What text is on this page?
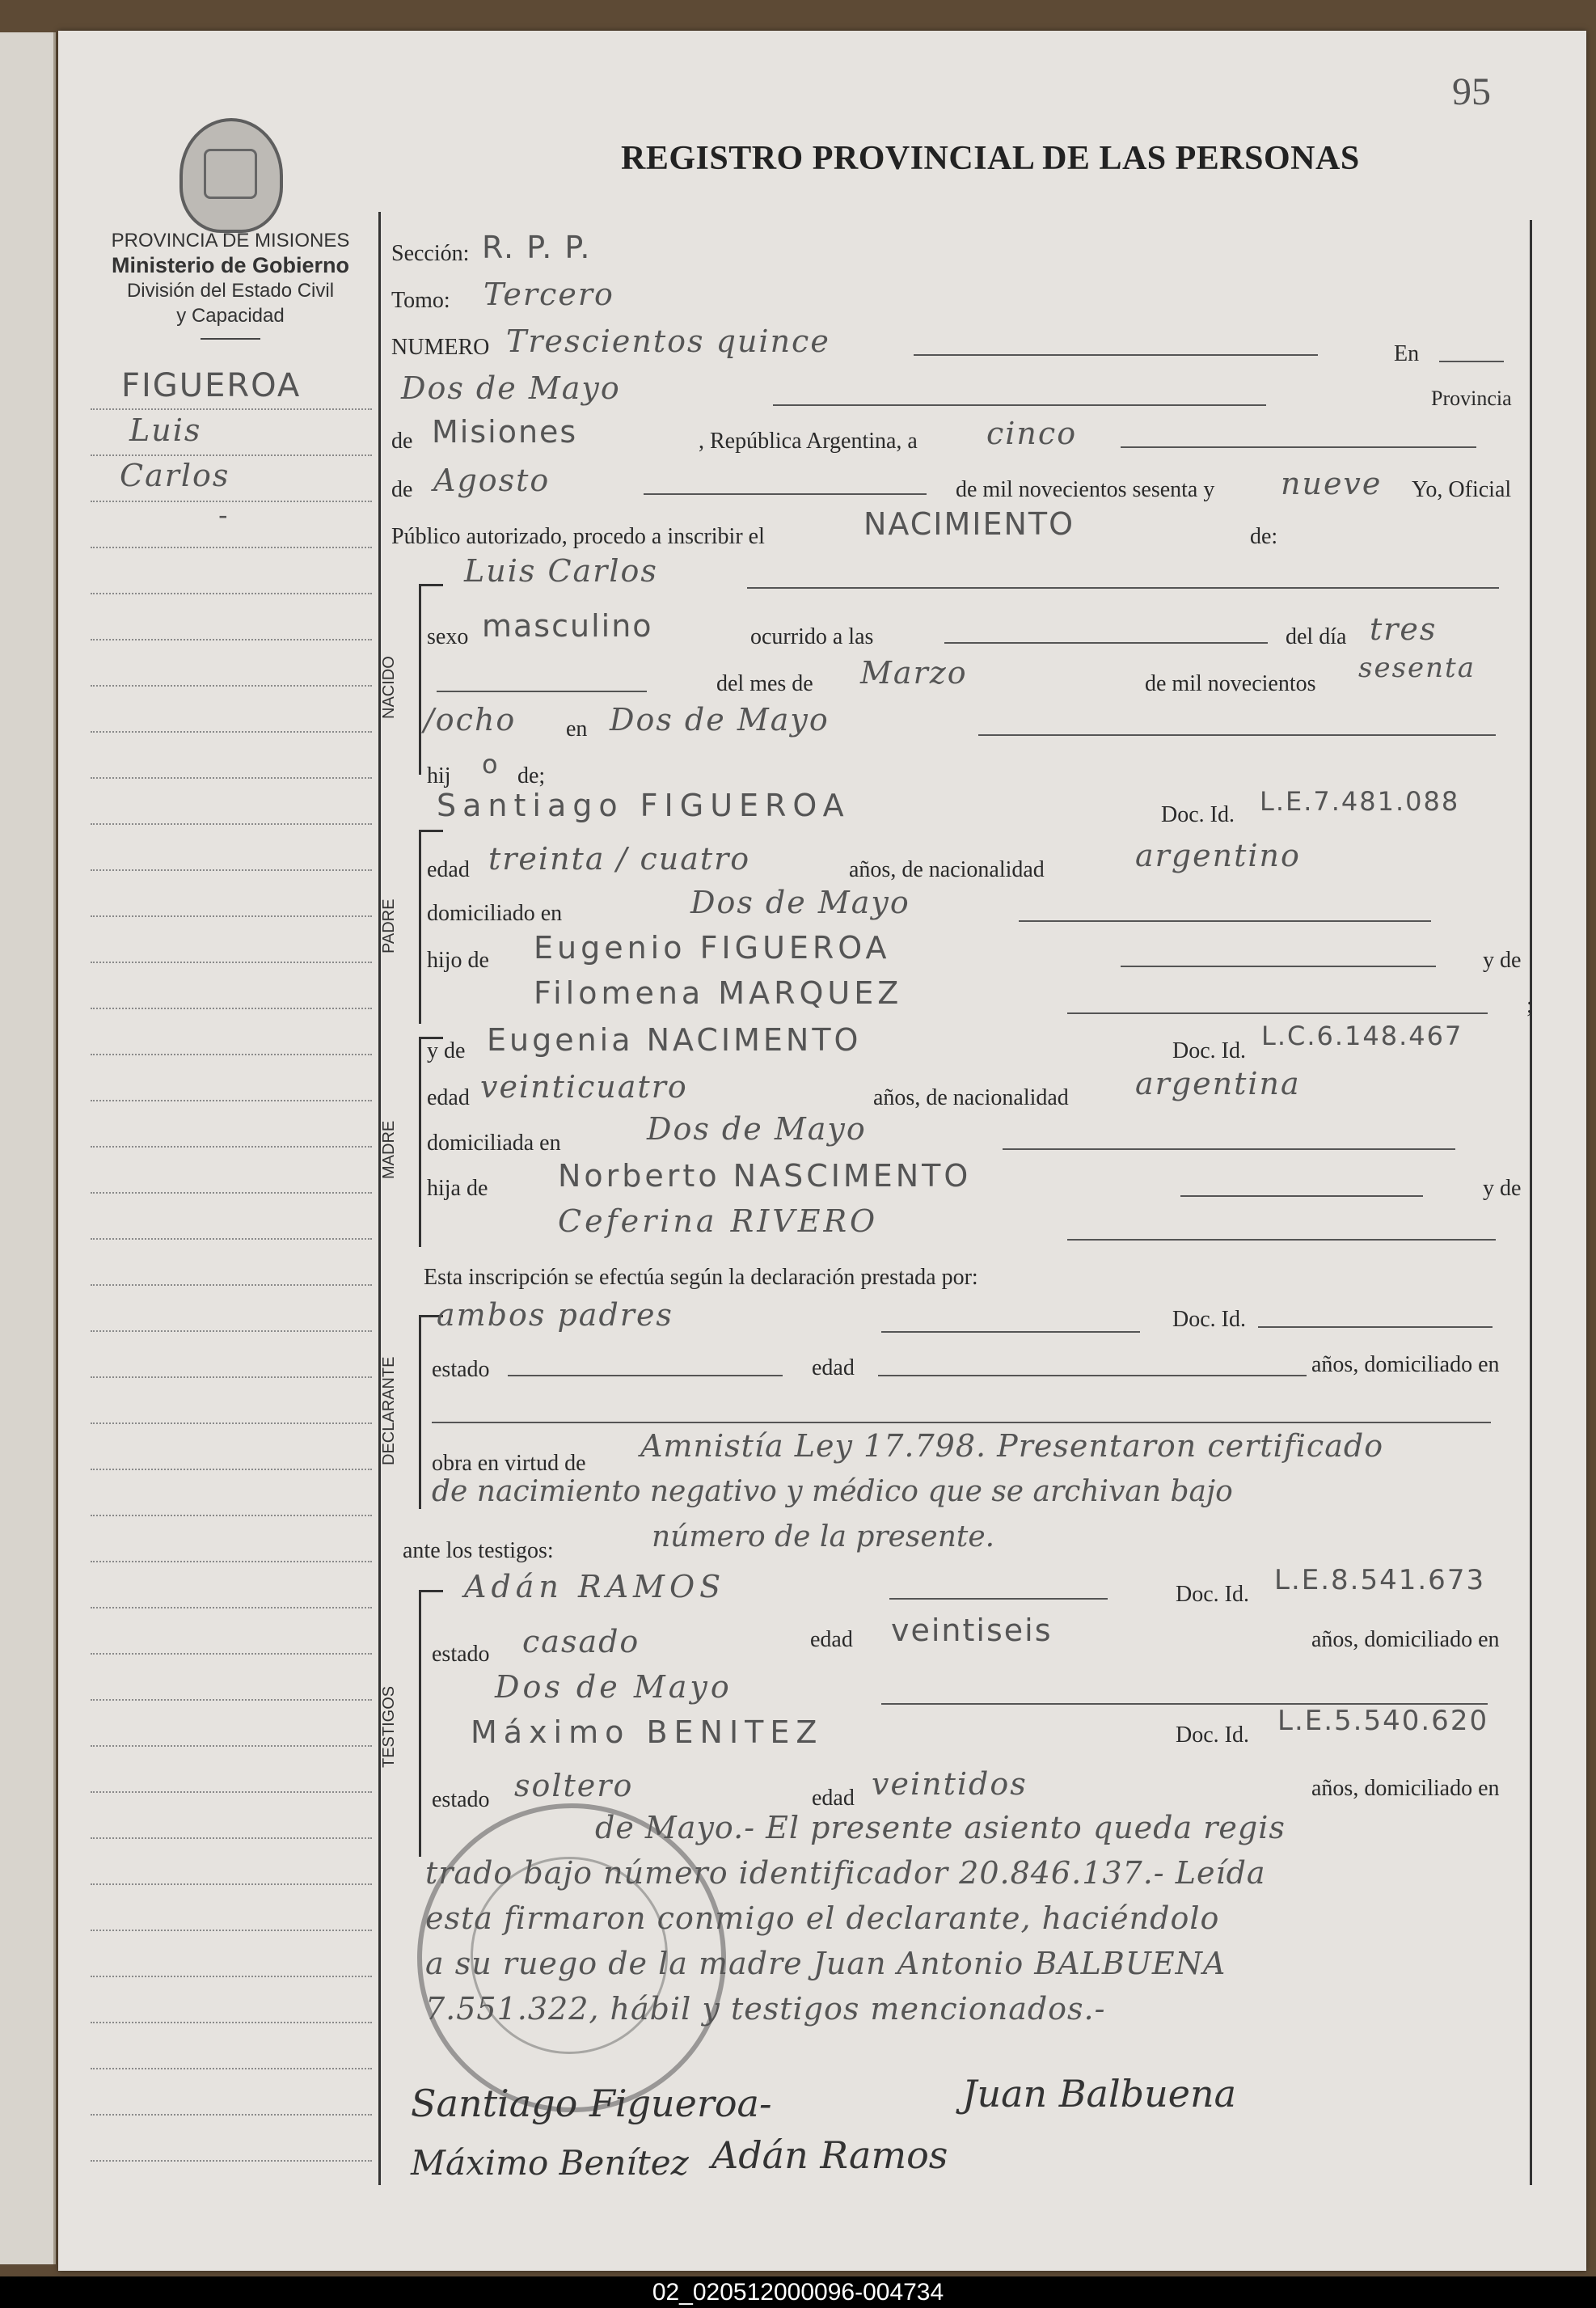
95
REGISTRO PROVINCIAL DE LAS PERSONAS
PROVINCIA DE MISIONES
Ministerio de Gobierno
División del Estado Civil
y Capacidad
FIGUEROA
Luis
Carlos
-
Sección: R. P. P.
Tomo: Tercero
NUMERO Trescientos quince	En
Dos de Mayo	Provincia
de Misiones	, República Argentina, a cinco
de Agosto	de mil novecientos sesenta y nueve Yo, Oficial
Público autorizado, procedo a inscribir el	NACIMIENTO	de:
Luis Carlos
NACIDO
sexo masculino	ocurrido a las	del día tres
del mes de Marzo	de mil novecientos sesenta
/ocho en Dos de Mayo
hij o de;
PADRE
Santiago FIGUEROA	Doc. Id. L.E.7.481.088
edad treinta / cuatro	años, de nacionalidad	argentino
domiciliado en	Dos de Mayo
hijo de Eugenio FIGUEROA	y de
Filomena MARQUEZ	;
MADRE
y de Eugenia NACIMENTO	Doc. Id. L.C.6.148.467
edad veinticuatro	años, de nacionalidad argentina
domiciliada en	Dos de Mayo
hija de Norberto NASCIMENTO	y de
Ceferina RIVERO
Esta inscripción se efectúa según la declaración prestada por:
DECLARANTE
ambos padres	Doc. Id.
estado	edad	años, domiciliado en
obra en virtud de Amnistía Ley 17.798. Presentaron certificado
de nacimiento negativo y médico que se archivan bajo
ante los testigos:	número de la presente.
TESTIGOS
Adán RAMOS	Doc. Id. L.E.8.541.673
estado casado	edad veintiseis	años, domiciliado en
Dos de Mayo
Máximo BENITEZ	Doc. Id. L.E.5.540.620
estado soltero	edad veintidos	años, domiciliado en
de Mayo.- El presente asiento queda regis
trado bajo número identificador 20.846.137.- Leída
esta firmaron conmigo el declarante, haciéndolo
a su ruego de la madre Juan Antonio BALBUENA
7.551.322, hábil y testigos mencionados.-
Santiago Figueroa-	Juan Balbuena
Máximo Benítez Adán Ramos
02_020512000096-004734
